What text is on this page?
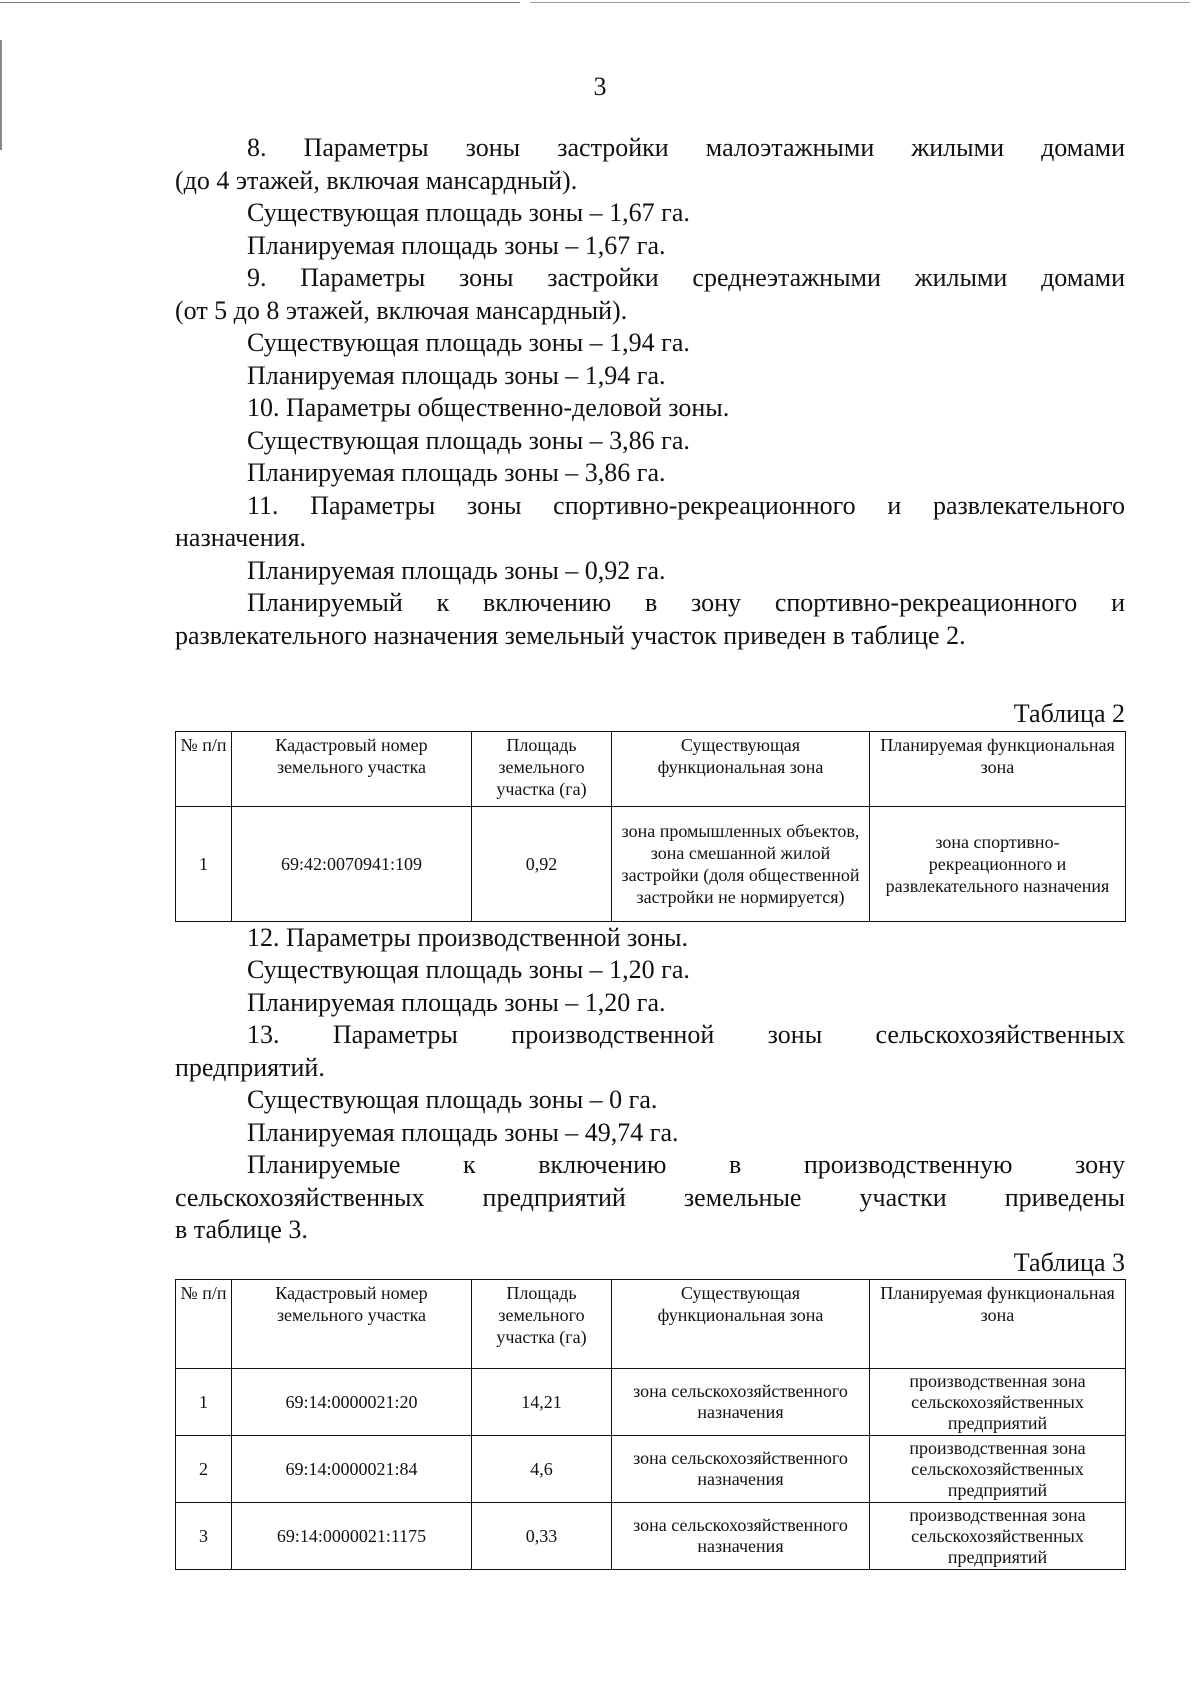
3

8. Параметры зоны застройки малоэтажными жилыми домами

(до 4 этажей, включая мансардный).

Существующая площадь зоны – 1,67 га.

Планируемая площадь зоны – 1,67 га.

9. Параметры зоны застройки среднеэтажными жилыми домами

(от 5 до 8 этажей, включая мансардный).

Существующая площадь зоны – 1,94 га.

Планируемая площадь зоны – 1,94 га.

10. Параметры общественно-деловой зоны.

Существующая площадь зоны – 3,86 га.

Планируемая площадь зоны – 3,86 га.

11. Параметры зоны спортивно-рекреационного и развлекательного

назначения.

Планируемая площадь зоны – 0,92 га.

Планируемый к включению в зону спортивно-рекреационного и

развлекательного назначения земельный участок приведен в таблице 2.

Таблица 2

№ п/п	Кадастровый номер земельного участка	Площадь земельного участка (га)	Существующая функциональная зона	Планируемая функциональная зона
1	69:42:0070941:109	0,92	зона промышленных объектов, зона смешанной жилой застройки (доля общественной застройки не нормируется)	зона спортивно-рекреационного и развлекательного назначения

12. Параметры производственной зоны.

Существующая площадь зоны – 1,20 га.

Планируемая площадь зоны – 1,20 га.

13. Параметры производственной зоны сельскохозяйственных

предприятий.

Существующая площадь зоны – 0 га.

Планируемая площадь зоны – 49,74 га.

Планируемые к включению в производственную зону

сельскохозяйственных предприятий земельные участки приведены

в таблице 3.

Таблица 3

№ п/п	Кадастровый номер земельного участка	Площадь земельного участка (га)	Существующая функциональная зона	Планируемая функциональная зона
1	69:14:0000021:20	14,21	зона сельскохозяйственного назначения	производственная зона сельскохозяйственных предприятий
2	69:14:0000021:84	4,6	зона сельскохозяйственного назначения	производственная зона сельскохозяйственных предприятий
3	69:14:0000021:1175	0,33	зона сельскохозяйственного назначения	производственная зона сельскохозяйственных предприятий
